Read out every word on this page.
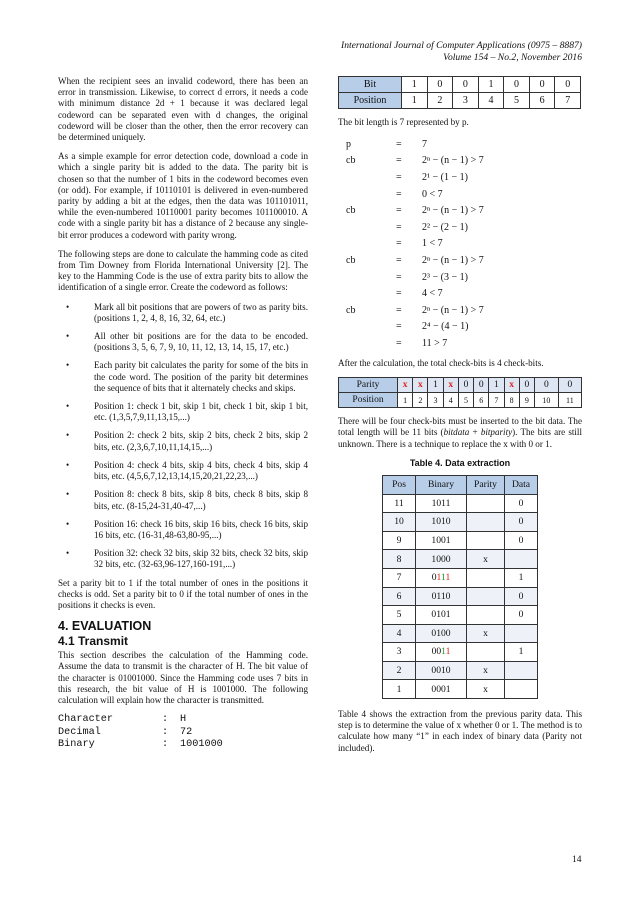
International Journal of Computer Applications (0975 – 8887)
Volume 154 – No.2, November 2016

When the recipient sees an invalid codeword, there has been an error in transmission. Likewise, to correct d errors, it needs a code with minimum distance 2d + 1 because it was declared legal codeword can be separated even with d changes, the original codeword will be closer than the other, then the error recovery can be determined uniquely.

As a simple example for error detection code, download a code in which a single parity bit is added to the data. The parity bit is chosen so that the number of 1 bits in the codeword becomes even (or odd). For example, if 10110101 is delivered in even-numbered parity by adding a bit at the edges, then the data was 101101011, while the even-numbered 10110001 parity becomes 101100010. A code with a single parity bit has a distance of 2 because any single-bit error produces a codeword with parity wrong.

The following steps are done to calculate the hamming code as cited from Tim Downey from Florida International University [2]. The key to the Hamming Code is the use of extra parity bits to allow the identification of a single error. Create the codeword as follows:

• Mark all bit positions that are powers of two as parity bits. (positions 1, 2, 4, 8, 16, 32, 64, etc.)
• All other bit positions are for the data to be encoded. (positions 3, 5, 6, 7, 9, 10, 11, 12, 13, 14, 15, 17, etc.)
• Each parity bit calculates the parity for some of the bits in the code word. The position of the parity bit determines the sequence of bits that it alternately checks and skips.
• Position 1: check 1 bit, skip 1 bit, check 1 bit, skip 1 bit, etc. (1,3,5,7,9,11,13,15,...)
• Position 2: check 2 bits, skip 2 bits, check 2 bits, skip 2 bits, etc. (2,3,6,7,10,11,14,15,...)
• Position 4: check 4 bits, skip 4 bits, check 4 bits, skip 4 bits, etc. (4,5,6,7,12,13,14,15,20,21,22,23,...)
• Position 8: check 8 bits, skip 8 bits, check 8 bits, skip 8 bits, etc. (8-15,24-31,40-47,...)
• Position 16: check 16 bits, skip 16 bits, check 16 bits, skip 16 bits, etc. (16-31,48-63,80-95,...)
• Position 32: check 32 bits, skip 32 bits, check 32 bits, skip 32 bits, etc. (32-63,96-127,160-191,...)

Set a parity bit to 1 if the total number of ones in the positions it checks is odd. Set a parity bit to 0 if the total number of ones in the positions it checks is even.

4. EVALUATION
4.1 Transmit

This section describes the calculation of the Hamming code. Assume the data to transmit is the character of H. The bit value of the character is 01001000. Since the Hamming code uses 7 bits in this research, the bit value of H is 1001000. The following calculation will explain how the character is transmitted.

Character	:	H
Decimal	:	72
Binary	:	1001000
Bit	1	0	0	1	0	0	0
Position	1	2	3	4	5	6	7

The bit length is 7 represented by p.

p	=	7
cb	=	2ⁿ − (n − 1) > 7
=	2¹ − (1 − 1)
=	0 < 7
cb	=	2ⁿ − (n − 1) > 7
=	2² − (2 − 1)
=	1 < 7
cb	=	2ⁿ − (n − 1) > 7
=	2³ − (3 − 1)
=	4 < 7
cb	=	2ⁿ − (n − 1) > 7
=	2⁴ − (4 − 1)
=	11 > 7

After the calculation, the total check-bits is 4 check-bits.

Parity	x	x	1	x	0	0	1	x	0	0	0
Position	1	2	3	4	5	6	7	8	9	10	11

There will be four check-bits must be inserted to the bit data. The total length will be 11 bits (bitdata + bitparity). The bits are still unknown. There is a technique to replace the x with 0 or 1.

Table 4. Data extraction
Pos	Binary	Parity	Data
11	1011		0
10	1010		0
9	1001		0
8	1000	x	
7	0111		1
6	0110		0
5	0101		0
4	0100	x	
3	0011		1
2	0010	x	
1	0001	x	

Table 4 shows the extraction from the previous parity data. This step is to determine the value of x whether 0 or 1. The method is to calculate how many “1” in each index of binary data (Parity not included).

14
